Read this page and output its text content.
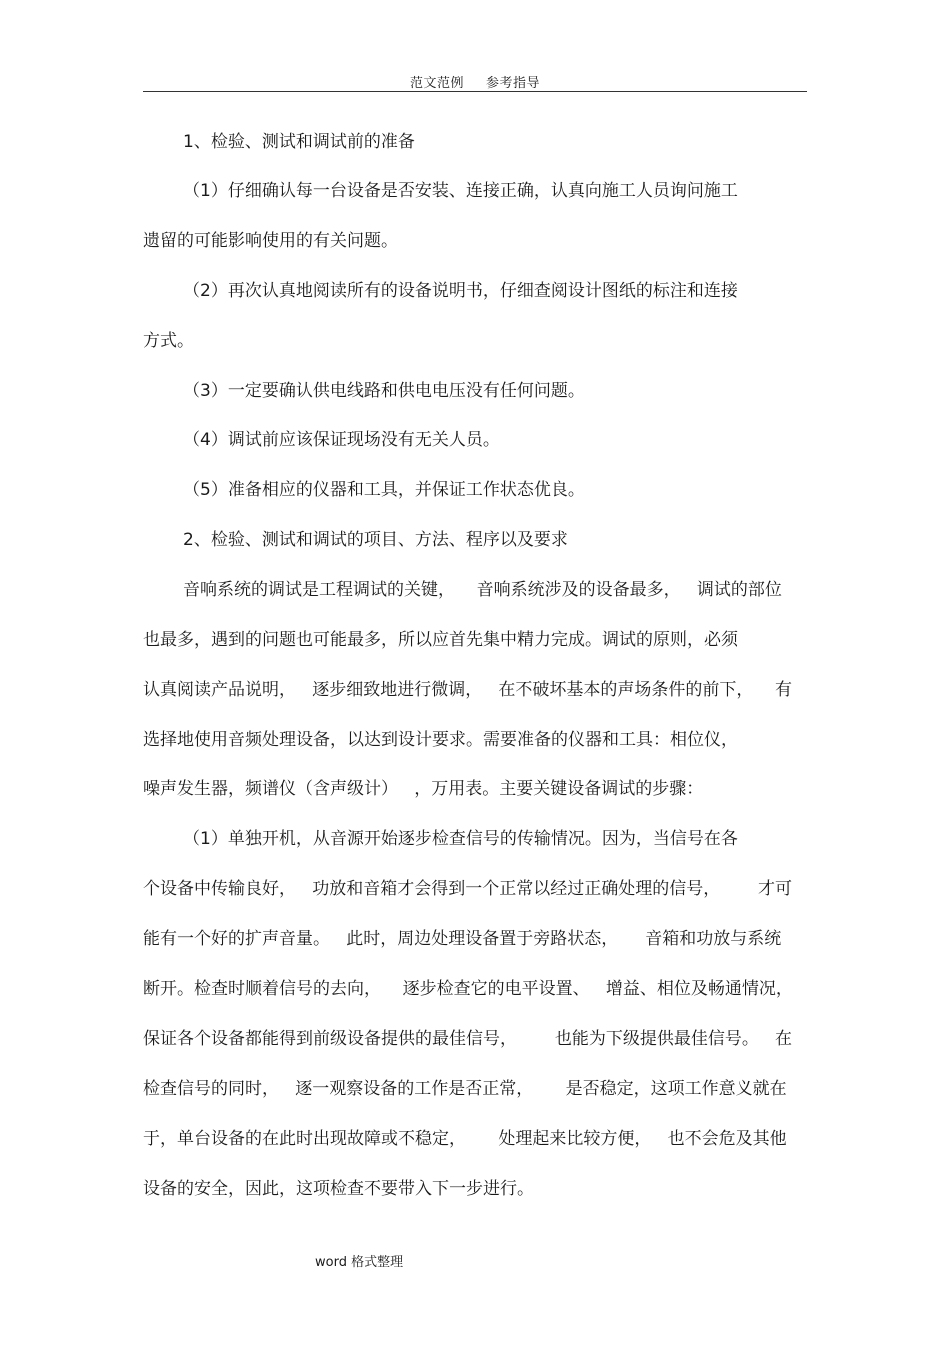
范文范例 参考指导
1、检验、测试和调试前的准备
（1）仔细确认每一台设备是否安装、连接正确，认真向施工人员询问施工
遗留的可能影响使用的有关问题。
（2）再次认真地阅读所有的设备说明书，仔细查阅设计图纸的标注和连接
方式。
（3）一定要确认供电线路和供电电压没有任何问题。
（4）调试前应该保证现场没有无关人员。
（5）准备相应的仪器和工具，并保证工作状态优良。
2、检验、测试和调试的项目、方法、程序以及要求
音响系统的调试是工程调试的关键，    音响系统涉及的设备最多，   调试的部位
也最多，遇到的问题也可能最多，所以应首先集中精力完成。调试的原则，必须
认真阅读产品说明，   逐步细致地进行微调，   在不破坏基本的声场条件的前下，    有
选择地使用音频处理设备，以达到设计要求。需要准备的仪器和工具：相位仪，
噪声发生器，频谱仪（含声级计）   ，万用表。主要关键设备调试的步骤：
（1）单独开机，从音源开始逐步检查信号的传输情况。因为，当信号在各
个设备中传输良好，   功放和音箱才会得到一个正常以经过正确处理的信号，       才可
能有一个好的扩声音量。   此时，周边处理设备置于旁路状态，     音箱和功放与系统
断开。检查时顺着信号的去向，    逐步检查它的电平设置、   增益、相位及畅通情况，
保证各个设备都能得到前级设备提供的最佳信号，       也能为下级提供最佳信号。   在
检查信号的同时，   逐一观察设备的工作是否正常，      是否稳定，这项工作意义就在
于，单台设备的在此时出现故障或不稳定，      处理起来比较方便，   也不会危及其他
设备的安全，因此，这项检查不要带入下一步进行。
word 格式整理
